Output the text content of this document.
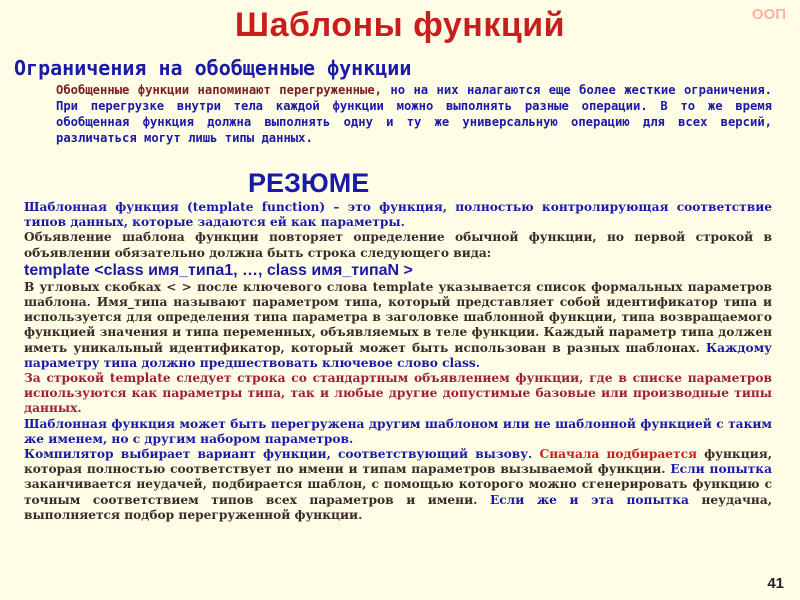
ООП
Шаблоны функций
Ограничения на обобщенные функции
Обобщенные функции напоминают перегруженные, но на них налагаются еще более жесткие ограничения. При перегрузке внутри тела каждой функции можно выполнять разные операции. В то же время обобщенная функция должна выполнять одну и ту же универсальную операцию для всех версий, различаться могут лишь типы данных.
РЕЗЮМЕ

Шаблонная функция (template function) – это функция, полностью контролирующая соответствие типов данных, которые задаются ей как параметры.

Объявление шаблона функции повторяет определение обычной функции, но первой строкой в объявлении обязательно должна быть строка следующего вида:

template <class имя_типа1, …, class имя_типаN >

В угловых скобках < > после ключевого слова template указывается список формальных параметров шаблона. Имя_типа называют параметром типа, который представляет собой идентификатор типа и используется для определения типа параметра в заголовке шаблонной функции, типа возвращаемого функцией значения и типа переменных, объявляемых в теле функции. Каждый параметр типа должен иметь уникальный идентификатор, который может быть использован в разных шаблонах. Каждому параметру типа должно предшествовать ключевое слово class.

За строкой template следует строка со стандартным объявлением функции, где в списке параметров используются как параметры типа, так и любые другие допустимые базовые или производные типы данных.

Шаблонная функция может быть перегружена другим шаблоном или не шаблонной функцией с таким же именем, но с другим набором параметров.

Компилятор выбирает вариант функции, соответствующий вызову. Сначала подбирается функция, которая полностью соответствует по имени и типам параметров вызываемой функции. Если попытка заканчивается неудачей, подбирается шаблон, с помощью которого можно сгенерировать функцию с точным соответствием типов всех параметров и имени. Если же и эта попытка неудачна, выполняется подбор перегруженной функции.

41
